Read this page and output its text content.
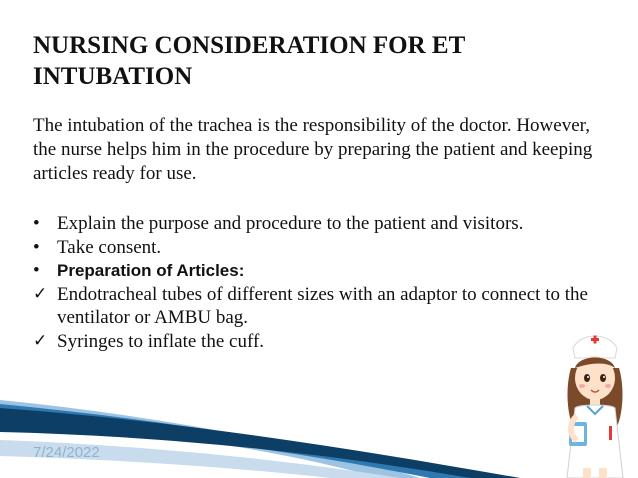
NURSING CONSIDERATION FOR ET INTUBATION

The intubation of the trachea is the responsibility of the doctor. However, the nurse helps him in the procedure by preparing the patient and keeping articles ready for use.

• Explain the purpose and procedure to the patient and visitors.
• Take consent.
•	Preparation of Articles:
✓ Endotracheal tubes of different sizes with an adaptor to connect to the ventilator or AMBU bag.
✓ Syringes to inflate the cuff.
7/24/2022
